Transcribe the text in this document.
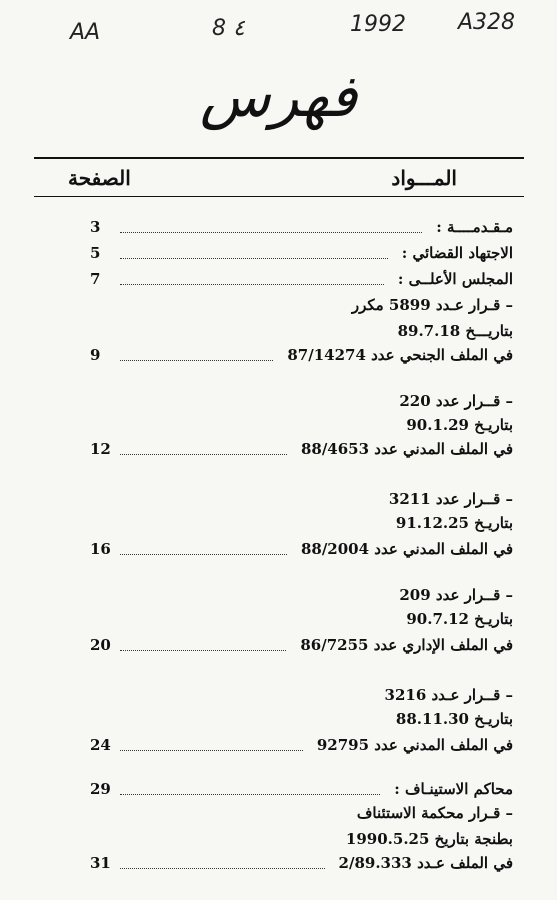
AA	8 ٤	1992 A328
فهرس
المـــواد
الصفحة
مـقـدمــــة :
3
الاجتهاد القضائي :
5
المجلس الأعلــى :
7
– قـرار عـدد 5899 مكرر
بتاريـــخ 89.7.18
في الملف الجنحي عدد 87/14274
9
– قــرار عدد 220
بتاريـخ 90.1.29
في الملف المدني عدد 88/4653
12
– قــرار عدد 3211
بتاريـخ 91.12.25
في الملف المدني عدد 88/2004
16
– قــرار عدد 209
بتاريـخ 90.7.12
في الملف الإداري عدد 86/7255
20
– قــرار عـدد 3216
بتاريـخ 88.11.30
في الملف المدني عدد 92795
24
محاكم الاستينـاف :
29
– قـرار محكمة الاستئناف
بطنجة بتاريخ 1990.5.25
في الملف عـدد 2/89.333
31
